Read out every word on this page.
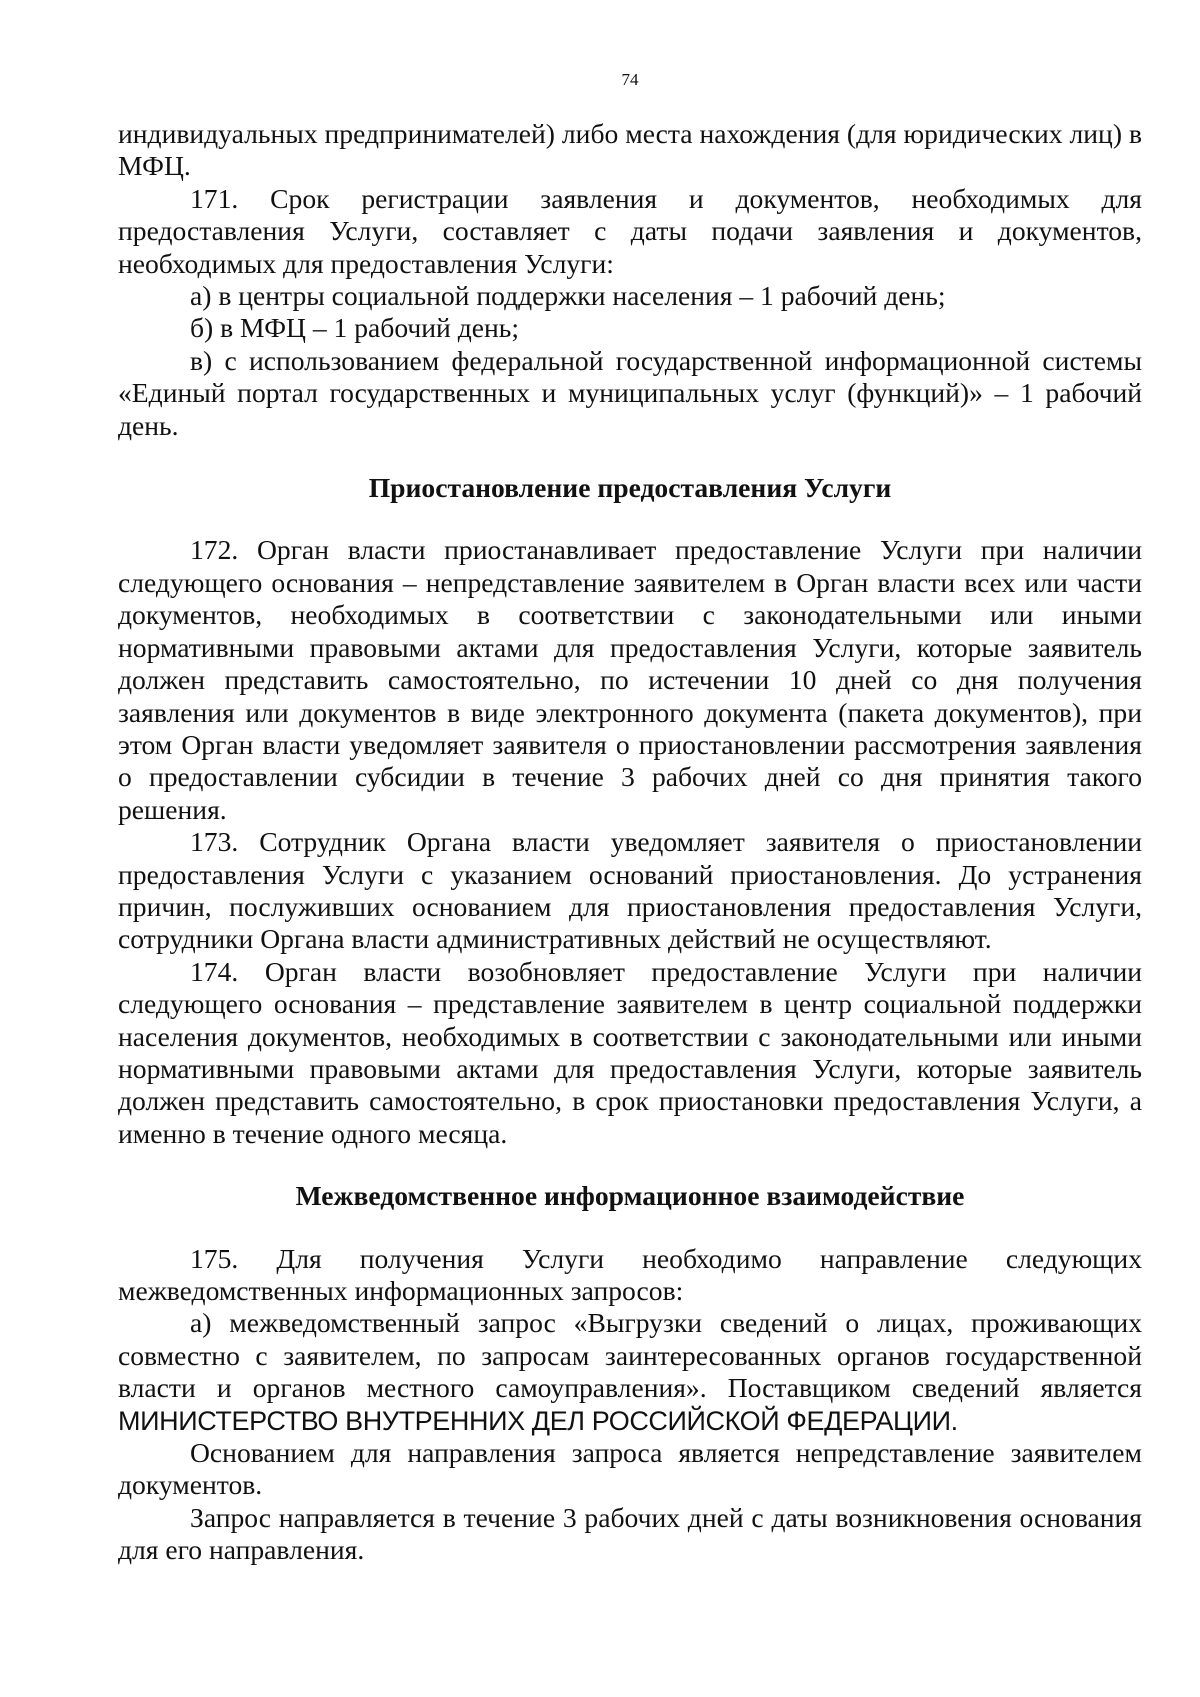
74

индивидуальных предпринимателей) либо места нахождения (для юридических лиц) в МФЦ.

171. Срок регистрации заявления и документов, необходимых для предоставления Услуги, составляет с даты подачи заявления и документов, необходимых для предоставления Услуги:

а) в центры социальной поддержки населения – 1 рабочий день;

б) в МФЦ – 1 рабочий день;

в) с использованием федеральной государственной информационной системы «Единый портал государственных и муниципальных услуг (функций)» – 1 рабочий день.

Приостановление предоставления Услуги

172. Орган власти приостанавливает предоставление Услуги при наличии следующего основания – непредставление заявителем в Орган власти всех или части документов, необходимых в соответствии с законодательными или иными нормативными правовыми актами для предоставления Услуги, которые заявитель должен представить самостоятельно, по истечении 10 дней со дня получения заявления или документов в виде электронного документа (пакета документов), при этом Орган власти уведомляет заявителя о приостановлении рассмотрения заявления о предоставлении субсидии в течение 3 рабочих дней со дня принятия такого решения.

173. Сотрудник Органа власти уведомляет заявителя о приостановлении предоставления Услуги с указанием оснований приостановления. До устранения причин, послуживших основанием для приостановления предоставления Услуги, сотрудники Органа власти административных действий не осуществляют.

174. Орган власти возобновляет предоставление Услуги при наличии следующего основания – представление заявителем в центр социальной поддержки населения документов, необходимых в соответствии с законодательными или иными нормативными правовыми актами для предоставления Услуги, которые заявитель должен представить самостоятельно, в срок приостановки предоставления Услуги, а именно в течение одного месяца.

Межведомственное информационное взаимодействие

175. Для получения Услуги необходимо направление следующих межведомственных информационных запросов:

а) межведомственный запрос «Выгрузки сведений о лицах, проживающих совместно с заявителем, по запросам заинтересованных органов государственной власти и органов местного самоуправления». Поставщиком сведений является МИНИСТЕРСТВО ВНУТРЕННИХ ДЕЛ РОССИЙСКОЙ ФЕДЕРАЦИИ.

Основанием для направления запроса является непредставление заявителем документов.

Запрос направляется в течение 3 рабочих дней с даты возникновения основания для его направления.
